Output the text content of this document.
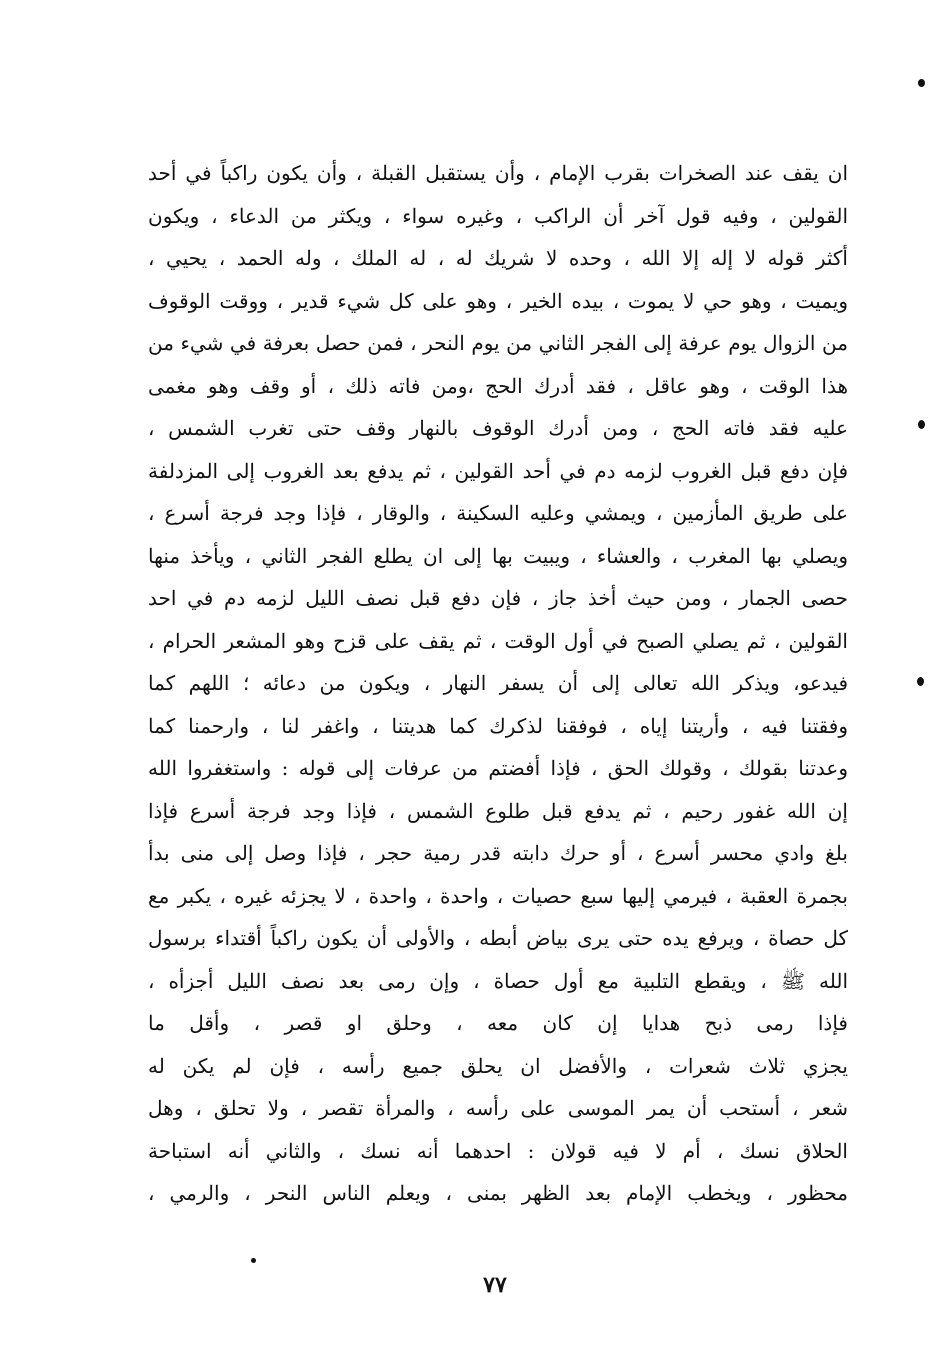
ان يقف عند الصخرات بقرب الإمام ، وأن يستقبل القبلة ، وأن يكون راكباً في أحد
القولين ، وفيه قول آخر أن الراكب ، وغيره سواء ، ويكثر من الدعاء ، ويكون
أكثر قوله لا إله إلا الله ، وحده لا شريك له ، له الملك ، وله الحمد ، يحيي ،
ويميت ، وهو حي لا يموت ، بيده الخير ، وهو على كل شيء قدير ، ووقت الوقوف
من الزوال يوم عرفة إلى الفجر الثاني من يوم النحر ، فمن حصل بعرفة في شيء من
هذا الوقت ، وهو عاقل ، فقد أدرك الحج ،ومن فاته ذلك ، أو وقف وهو مغمى
عليه فقد فاته الحج ، ومن أدرك الوقوف بالنهار وقف حتى تغرب الشمس ،
فإن دفع قبل الغروب لزمه دم في أحد القولين ، ثم يدفع بعد الغروب إلى المزدلفة
على طريق المأزمين ، ويمشي وعليه السكينة ، والوقار ، فإذا وجد فرجة أسرع ،
ويصلي بها المغرب ، والعشاء ، ويبيت بها إلى ان يطلع الفجر الثاني ، ويأخذ منها
حصى الجمار ، ومن حيث أخذ جاز ، فإن دفع قبل نصف الليل لزمه دم في احد
القولين ، ثم يصلي الصبح في أول الوقت ، ثم يقف على قزح وهو المشعر الحرام ،
فيدعو، ويذكر الله تعالى إلى أن يسفر النهار ، ويكون من دعائه ؛ اللهم كما
وفقتنا فيه ، وأريتنا إياه ، فوفقنا لذكرك كما هديتنا ، واغفر لنا ، وارحمنا كما
وعدتنا بقولك ، وقولك الحق ، فإذا أفضتم من عرفات إلى قوله : واستغفروا الله
إن الله غفور رحيم ، ثم يدفع قبل طلوع الشمس ، فإذا وجد فرجة أسرع فإذا
بلغ وادي محسر أسرع ، أو حرك دابته قدر رمية حجر ، فإذا وصل إلى منى بدأ
بجمرة العقبة ، فيرمي إليها سبع حصيات ، واحدة ، واحدة ، لا يجزئه غيره ، يكبر مع
كل حصاة ، ويرفع يده حتى يرى بياض أبطه ، والأولى أن يكون راكباً أقتداء برسول
الله ﷺ ، ويقطع التلبية مع أول حصاة ، وإن رمى بعد نصف الليل أجزأه ،
فإذا رمى ذبح هدايا إن كان معه ، وحلق او قصر ، وأقل ما
يجزي ثلاث شعرات ، والأفضل ان يحلق جميع رأسه ، فإن لم يكن له
شعر ، أستحب أن يمر الموسى على رأسه ، والمرأة تقصر ، ولا تحلق ، وهل
الحلاق نسك ، أم لا فيه قولان : احدهما أنه نسك ، والثاني أنه استباحة
محظور ، ويخطب الإمام بعد الظهر بمنى ، ويعلم الناس النحر ، والرمي ،
٧٧
